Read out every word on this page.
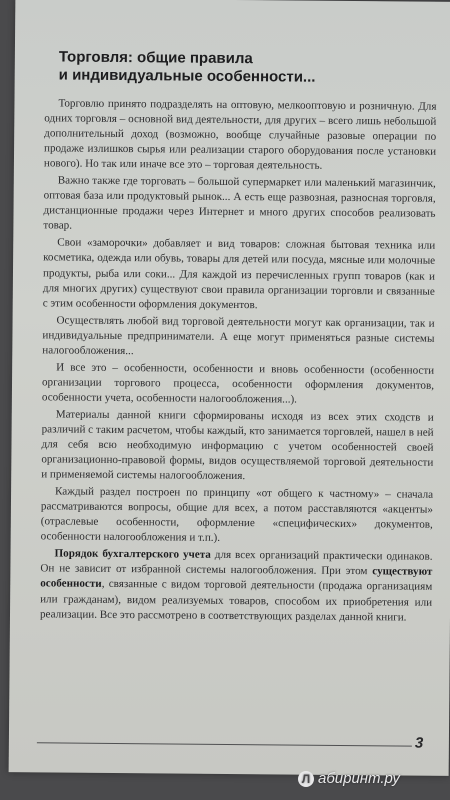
Торговля: общие правила
и индивидуальные особенности...

Торговлю принято подразделять на оптовую, мелкооптовую и розничную. Для одних торговля – основной вид деятельности, для других – всего лишь небольшой дополнительный доход (возможно, вообще случайные разовые операции по продаже излишков сырья или реализации старого оборудования после установки нового). Но так или иначе все это – торговая деятельность.

Важно также где торговать – большой супермаркет или маленький магазинчик, оптовая база или продуктовый рынок... А есть еще развозная, разносная торговля, дистанционные продажи через Интернет и много других способов реализовать товар.

Свои «заморочки» добавляет и вид товаров: сложная бытовая техника или косметика, одежда или обувь, товары для детей или посуда, мясные или молочные продукты, рыба или соки... Для каждой из перечисленных групп товаров (как и для многих других) существуют свои правила организации торговли и связанные с этим особенности оформления документов.

Осуществлять любой вид торговой деятельности могут как организации, так и индивидуальные предприниматели. А еще могут применяться разные системы налогообложения...

И все это – особенности, особенности и вновь особенности (особенности организации торгового процесса, особенности оформления документов, особенности учета, особенности налогообложения...).

Материалы данной книги сформированы исходя из всех этих сходств и различий с таким расчетом, чтобы каждый, кто занимается торговлей, нашел в ней для себя всю необходимую информацию с учетом особенностей своей организационно-правовой формы, видов осуществляемой торговой деятельности и применяемой системы налогообложения.

Каждый раздел построен по принципу «от общего к частному» – сначала рассматриваются вопросы, общие для всех, а потом расставляются «акценты» (отраслевые особенности, оформление «специфических» документов, особенности налогообложения и т.п.).

Порядок бухгалтерского учета для всех организаций практически одинаков. Он не зависит от избранной системы налогообложения. При этом существуют особенности, связанные с видом торговой деятельности (продажа организациям или гражданам), видом реализуемых товаров, способом их приобретения или реализации. Все это рассмотрено в соответствующих разделах данной книги.

3
Л абиринт.ру
